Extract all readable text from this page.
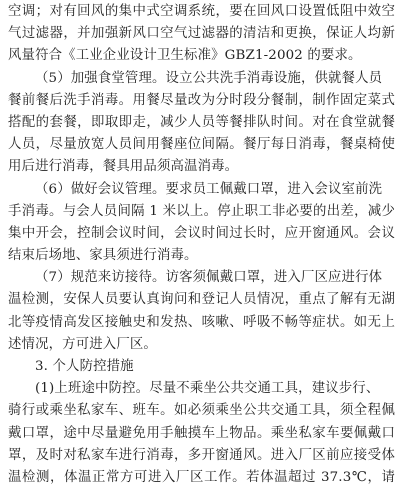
空调；对有回风的集中式空调系统，要在回风口设置低阻中效空
气过滤器，并加强新风口空气过滤器的清洁和更换，保证人均新
风量符合《工业企业设计卫生标准》GBZ1-2002 的要求。
（5）加强食堂管理。设立公共洗手消毒设施，供就餐人员
餐前餐后洗手消毒。用餐尽量改为分时段分餐制，制作固定菜式
搭配的套餐，即取即走，减少人员等餐排队时间。对在食堂就餐
人员，尽量放宽人员间用餐座位间隔。餐厅每日消毒，餐桌椅使
用后进行消毒，餐具用品须高温消毒。
（6）做好会议管理。要求员工佩戴口罩，进入会议室前洗
手消毒。与会人员间隔 1 米以上。停止职工非必要的出差，减少
集中开会，控制会议时间，会议时间过长时，应开窗通风。会议
结束后场地、家具须进行消毒。
（7）规范来访接待。访客须佩戴口罩，进入厂区应进行体
温检测，安保人员要认真询问和登记人员情况，重点了解有无湖
北等疫情高发区接触史和发热、咳嗽、呼吸不畅等症状。如无上
述情况，方可进入厂区。
3. 个人防控措施
(1)上班途中防控。尽量不乘坐公共交通工具，建议步行、
骑行或乘坐私家车、班车。如必须乘坐公共交通工具，须全程佩
戴口罩，途中尽量避免用手触摸车上物品。乘坐私家车要佩戴口
罩，及时对私家车进行消毒，多开窗通风。进入厂区前应接受体
温检测，体温正常方可进入厂区工作。若体温超过 37.3℃，请
